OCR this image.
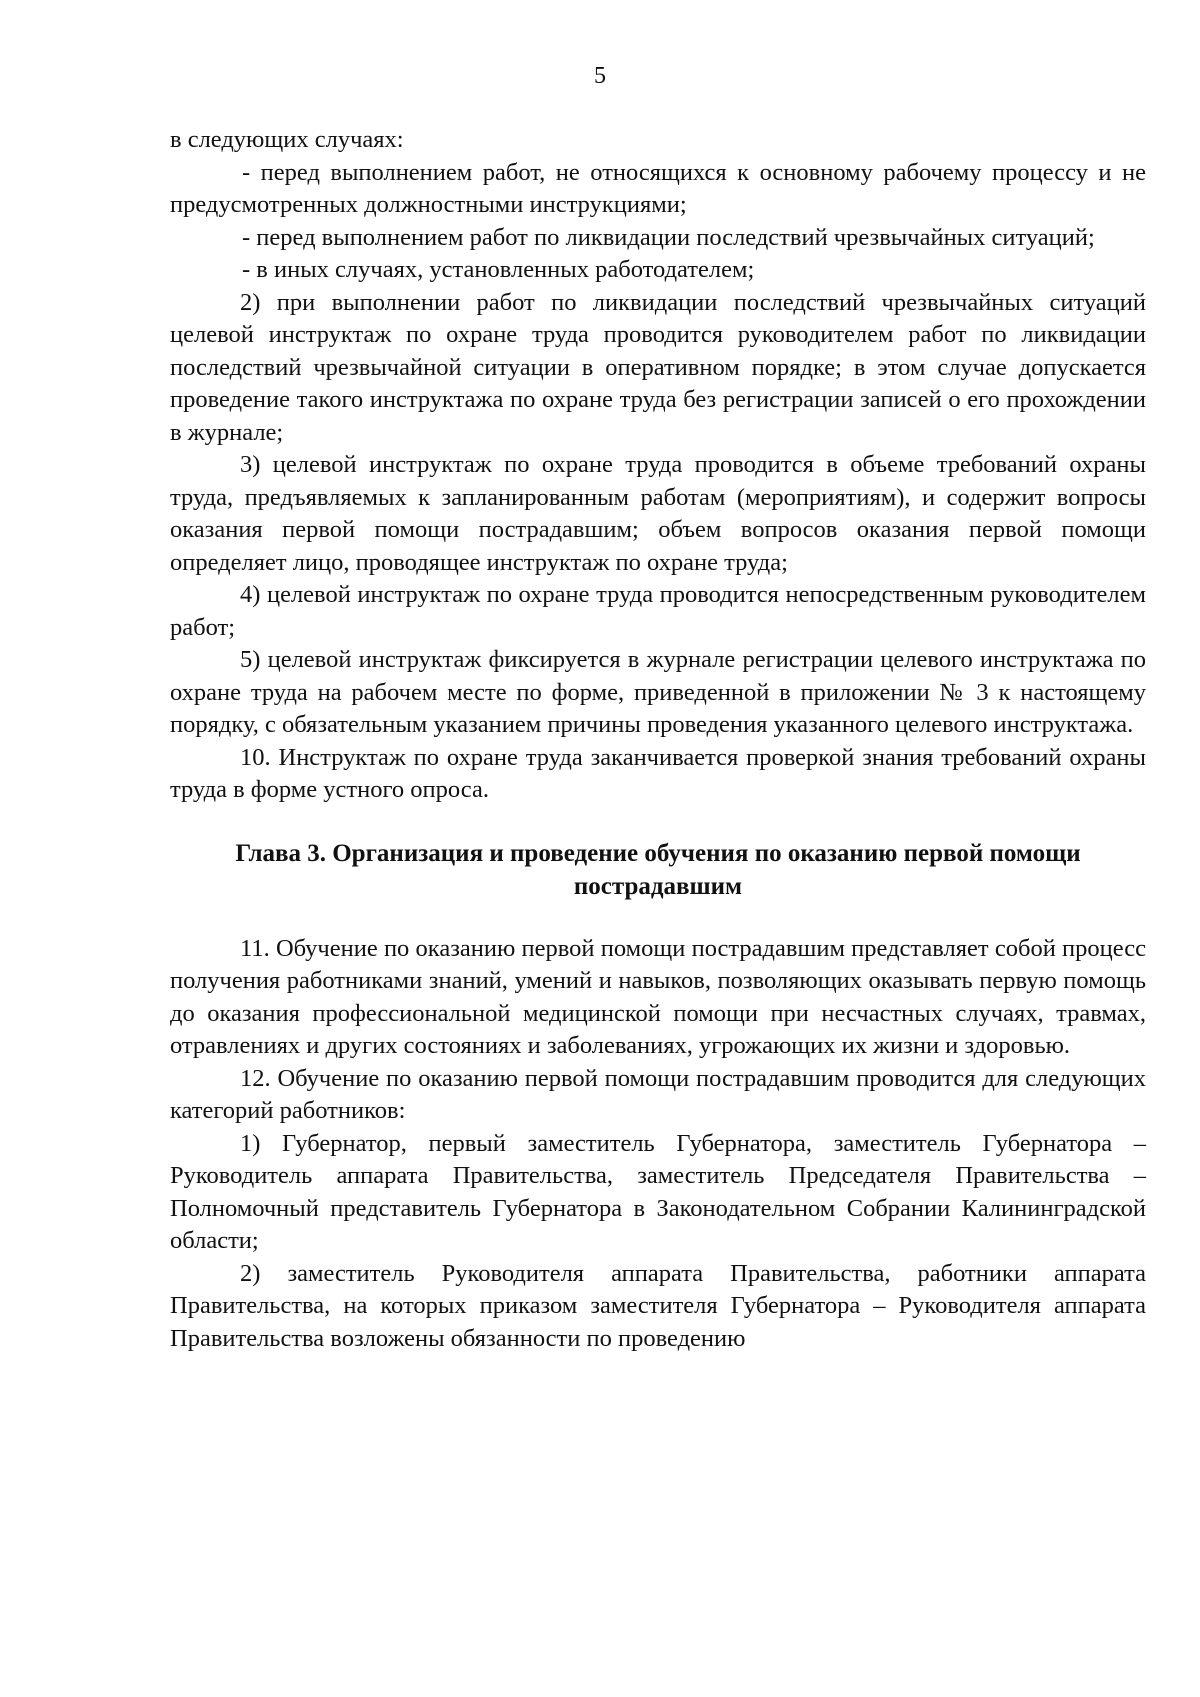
5

в следующих случаях:

- перед выполнением работ, не относящихся к основному рабочему процессу и не предусмотренных должностными инструкциями;

- перед выполнением работ по ликвидации последствий чрезвычайных ситуаций;

- в иных случаях, установленных работодателем;

2) при выполнении работ по ликвидации последствий чрезвычайных ситуаций целевой инструктаж по охране труда проводится руководителем работ по ликвидации последствий чрезвычайной ситуации в оперативном порядке; в этом случае допускается проведение такого инструктажа по охране труда без регистрации записей о его прохождении в журнале;

3) целевой инструктаж по охране труда проводится в объеме требований охраны труда, предъявляемых к запланированным работам (мероприятиям), и содержит вопросы оказания первой помощи пострадавшим; объем вопросов оказания первой помощи определяет лицо, проводящее инструктаж по охране труда;

4) целевой инструктаж по охране труда проводится непосредственным руководителем работ;

5) целевой инструктаж фиксируется в журнале регистрации целевого инструктажа по охране труда на рабочем месте по форме, приведенной в приложении № 3 к настоящему порядку, с обязательным указанием причины проведения указанного целевого инструктажа.

10. Инструктаж по охране труда заканчивается проверкой знания требований охраны труда в форме устного опроса.

Глава 3. Организация и проведение обучения по оказанию первой помощи пострадавшим

11. Обучение по оказанию первой помощи пострадавшим представляет собой процесс получения работниками знаний, умений и навыков, позволяющих оказывать первую помощь до оказания профессиональной медицинской помощи при несчастных случаях, травмах, отравлениях и других состояниях и заболеваниях, угрожающих их жизни и здоровью.

12. Обучение по оказанию первой помощи пострадавшим проводится для следующих категорий работников:

1) Губернатор, первый заместитель Губернатора, заместитель Губернатора – Руководитель аппарата Правительства, заместитель Председателя Правительства – Полномочный представитель Губернатора в Законодательном Собрании Калининградской области;

2) заместитель Руководителя аппарата Правительства, работники аппарата Правительства, на которых приказом заместителя Губернатора – Руководителя аппарата Правительства возложены обязанности по проведению
